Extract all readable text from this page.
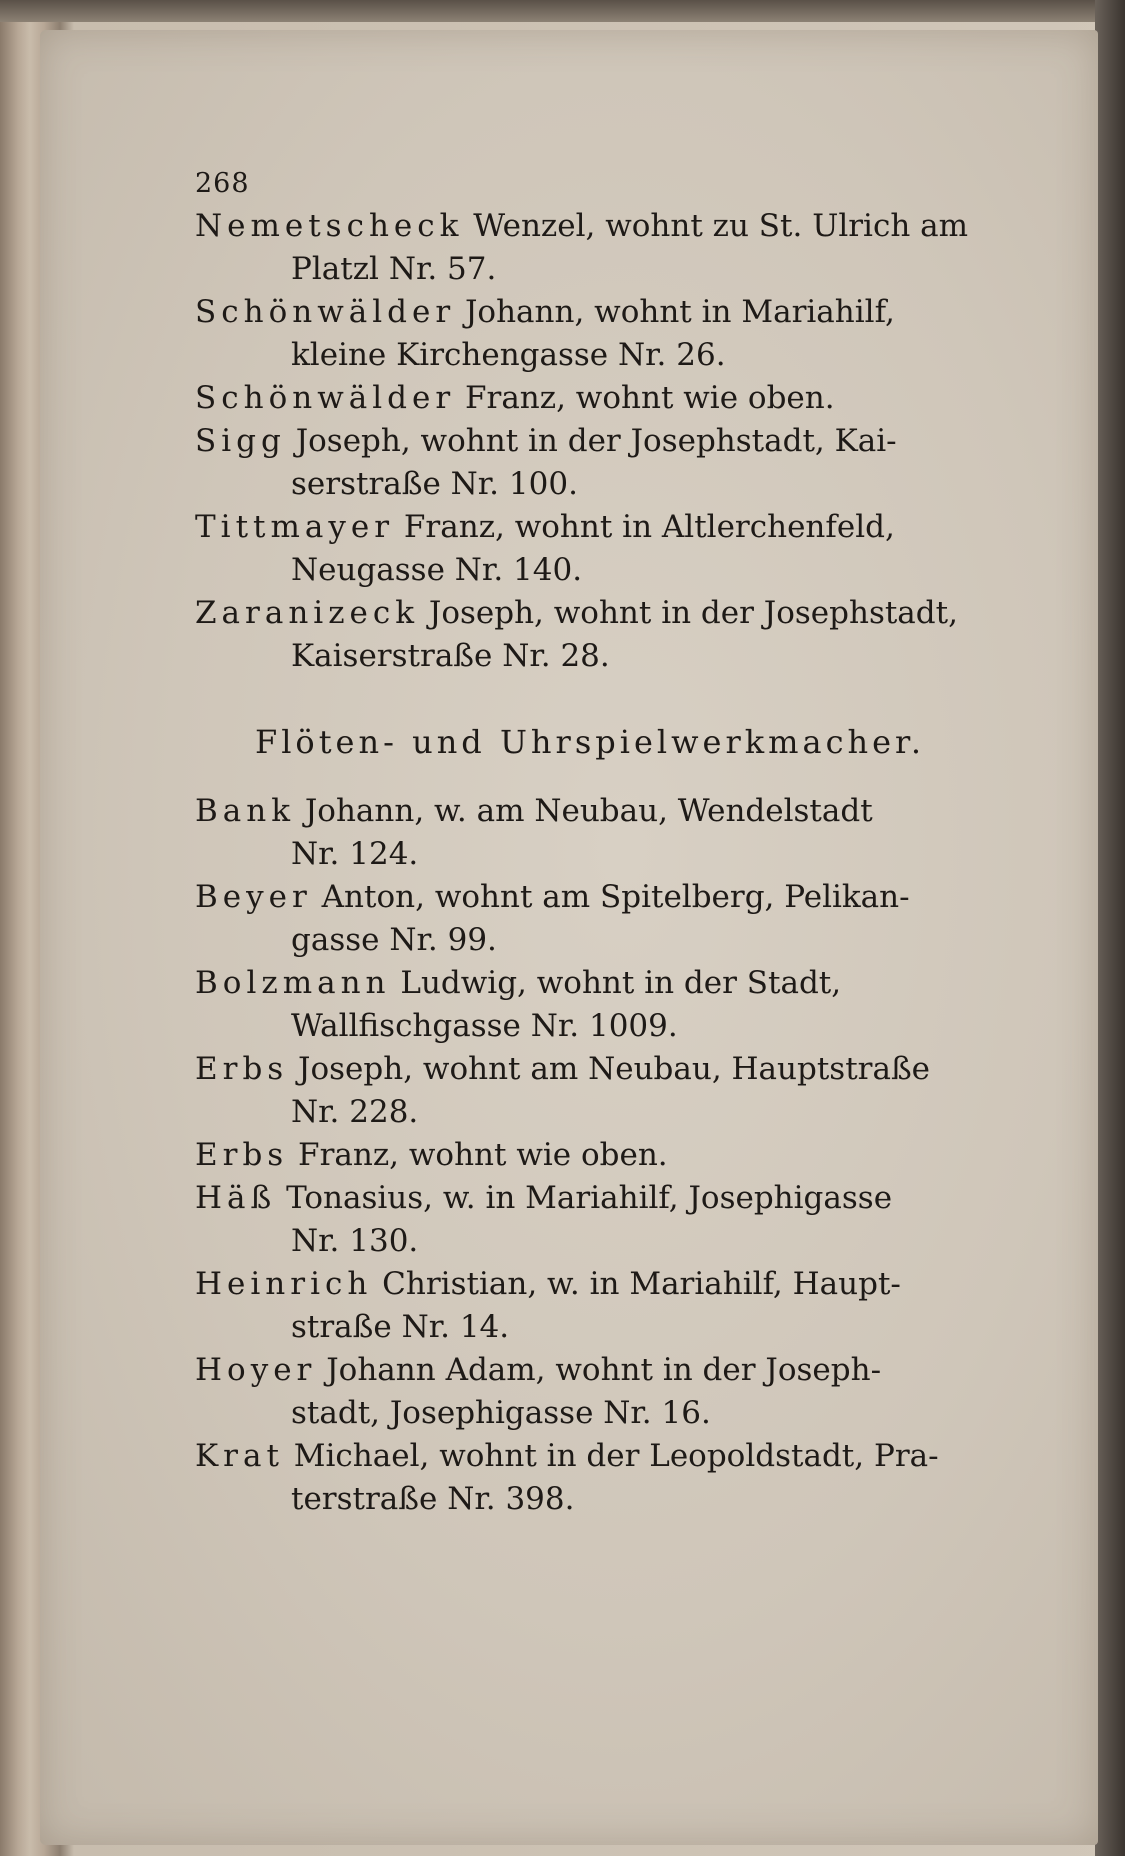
268
Nemetscheck Wenzel, wohnt zu St. Ulrich am
Platzl Nr. 57.
Schönwälder Johann, wohnt in Mariahilf,
kleine Kirchengasse Nr. 26.
Schönwälder Franz, wohnt wie oben.
Sigg Joseph, wohnt in der Josephstadt, Kai-
serstraße Nr. 100.
Tittmayer Franz, wohnt in Altlerchenfeld,
Neugasse Nr. 140.
Zaranizeck Joseph, wohnt in der Josephstadt,
Kaiserstraße Nr. 28.
Flöten- und Uhrspielwerkmacher.
Bank Johann, w. am Neubau, Wendelstadt
Nr. 124.
Beyer Anton, wohnt am Spitelberg, Pelikan-
gasse Nr. 99.
Bolzmann Ludwig, wohnt in der Stadt,
Wallfischgasse Nr. 1009.
Erbs Joseph, wohnt am Neubau, Hauptstraße
Nr. 228.
Erbs Franz, wohnt wie oben.
Häß Tonasius, w. in Mariahilf, Josephigasse
Nr. 130.
Heinrich Christian, w. in Mariahilf, Haupt-
straße Nr. 14.
Hoyer Johann Adam, wohnt in der Joseph-
stadt, Josephigasse Nr. 16.
Krat Michael, wohnt in der Leopoldstadt, Pra-
terstraße Nr. 398.
